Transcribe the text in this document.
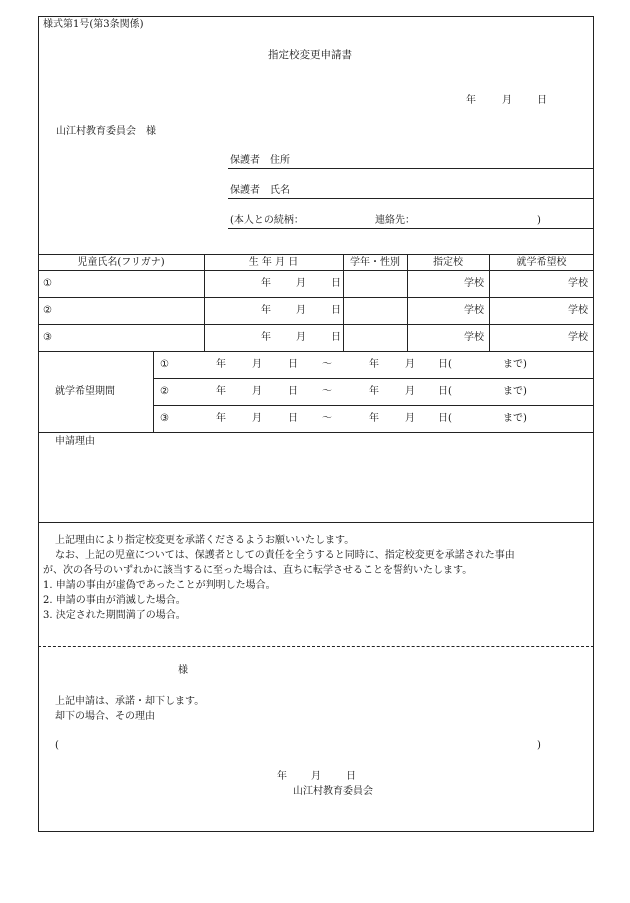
様式第1号(第3条関係)
指定校変更申請書
年	月	日
山江村教育委員会　様
保護者　住所
保護者　氏名
(本人との続柄：	連絡先：	)
児童氏名(フリガナ)	生 年 月 日	学年・性別	指定校	就学希望校
①	年	月	日	学校	学校
②	年	月	日	学校	学校
③	年	月	日	学校	学校
就学希望期間
①	年	月	日 〜	年	月 日(	まで)
②	年	月	日 〜	年	月 日(	まで)
③	年	月	日 〜	年	月 日(	まで)
申請理由
上記理由により指定校変更を承諾くださるようお願いいたします。
なお、上記の児童については、保護者としての責任を全うすると同時に、指定校変更を承諾された事由
が、次の各号のいずれかに該当するに至った場合は、直ちに転学させることを誓約いたします。
1. 申請の事由が虚偽であったことが判明した場合。
2. 申請の事由が消滅した場合。
3. 決定された期間満了の場合。
様
上記申請は、承諾・却下します。
却下の場合、その理由
(	)
年 月	日
山江村教育委員会
